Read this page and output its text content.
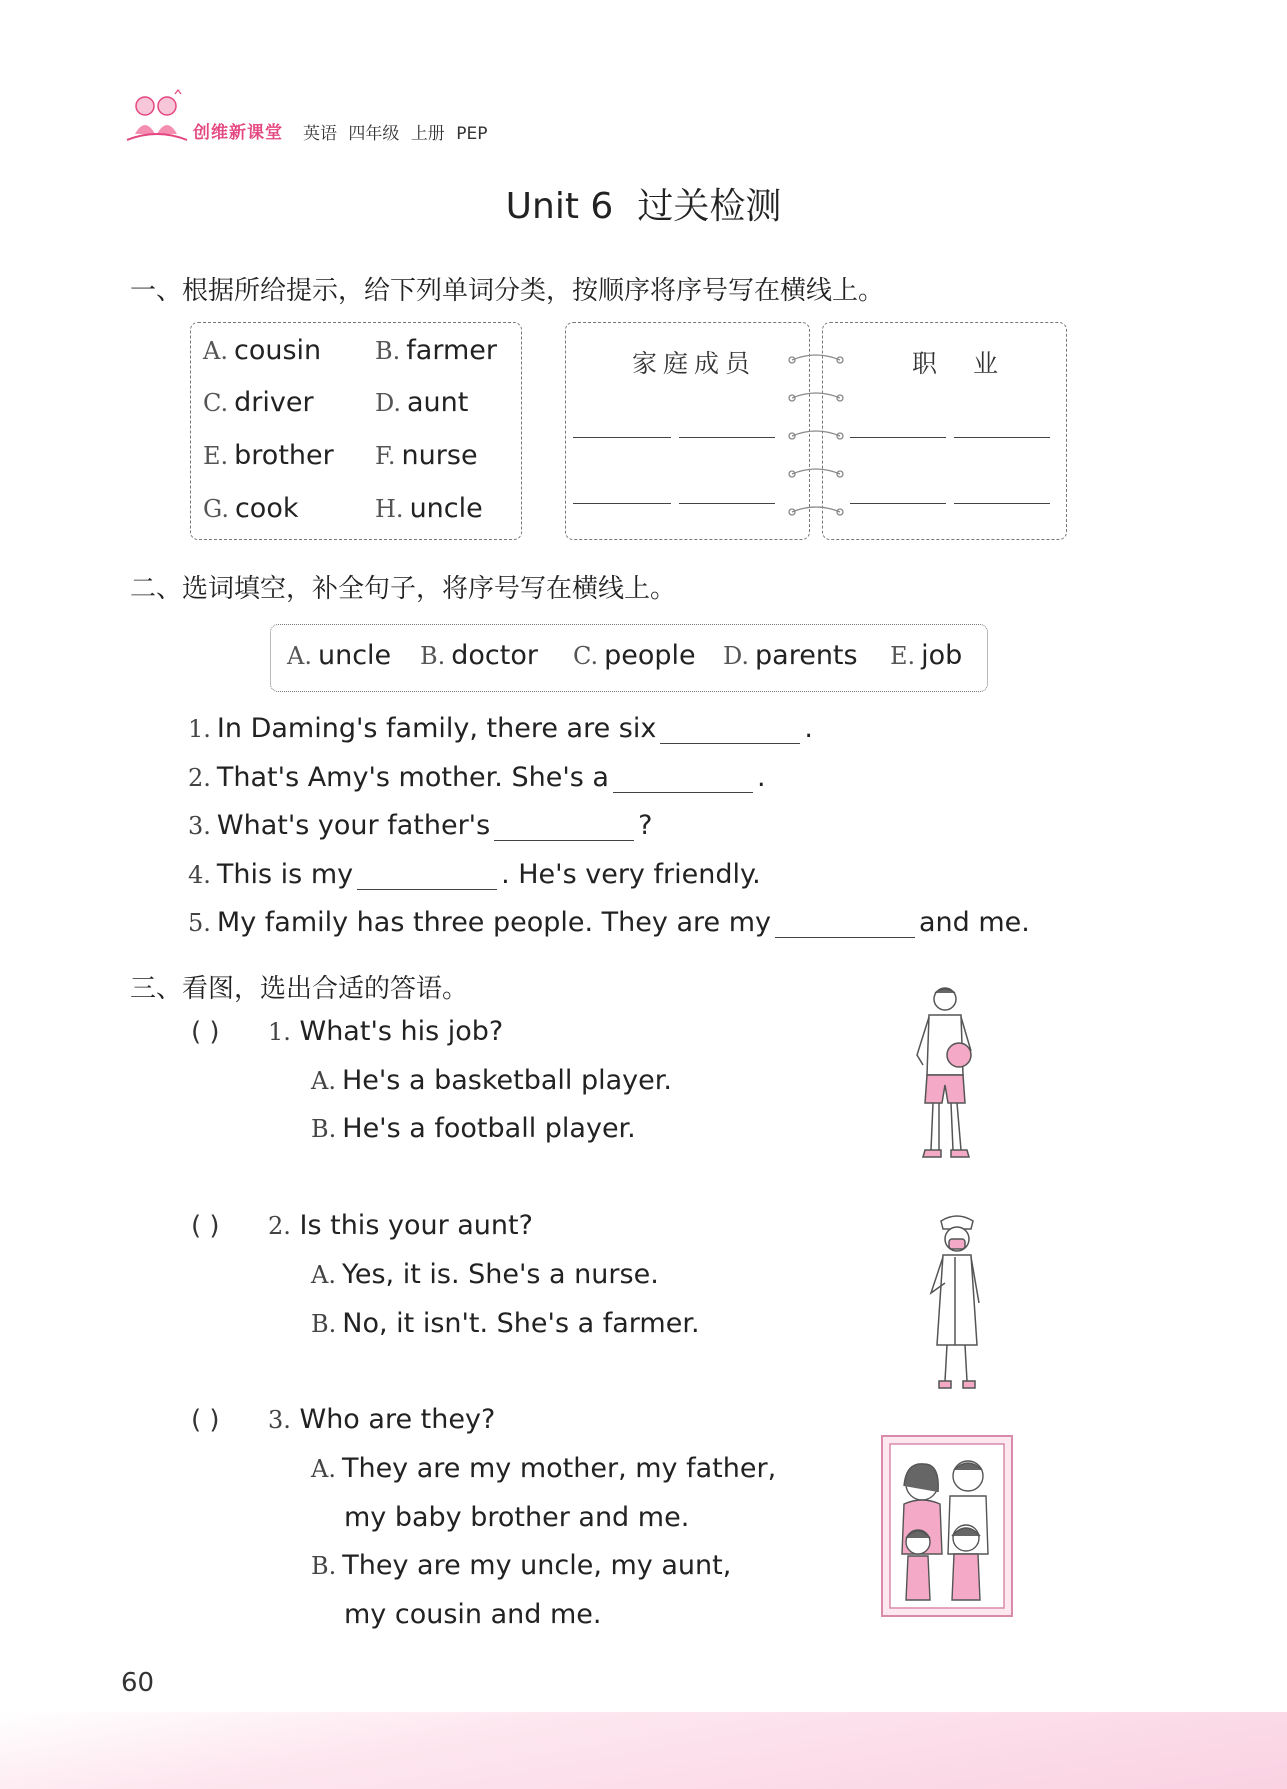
创维新课堂 英语 四年级 上册 PEP
Unit 6 过关检测
一、根据所给提示，给下列单词分类，按顺序将序号写在横线上。
A. cousin B. farmer
C. driver	D. aunt
E. brother F. nurse
G. cook	H. uncle
家庭成员	职 业
二、选词填空，补全句子，将序号写在横线上。
A. uncle B. doctor C. people D. parents E. job
1. In Daming's family, there are six	.
2. That's Amy's mother. She's a	.
3. What's your father's	?
4. This is my	. He's very friendly.
5. My family has three people. They are my	and me.
三、看图，选出合适的答语。
( ) 1. What's his job?
A. He's a basketball player.
B. He's a football player.
( ) 2. Is this your aunt?
A. Yes, it is. She's a nurse.
B. No, it isn't. She's a farmer.
( ) 3. Who are they?
A. They are my mother, my father,
my baby brother and me.
B. They are my uncle, my aunt,
my cousin and me.
60
